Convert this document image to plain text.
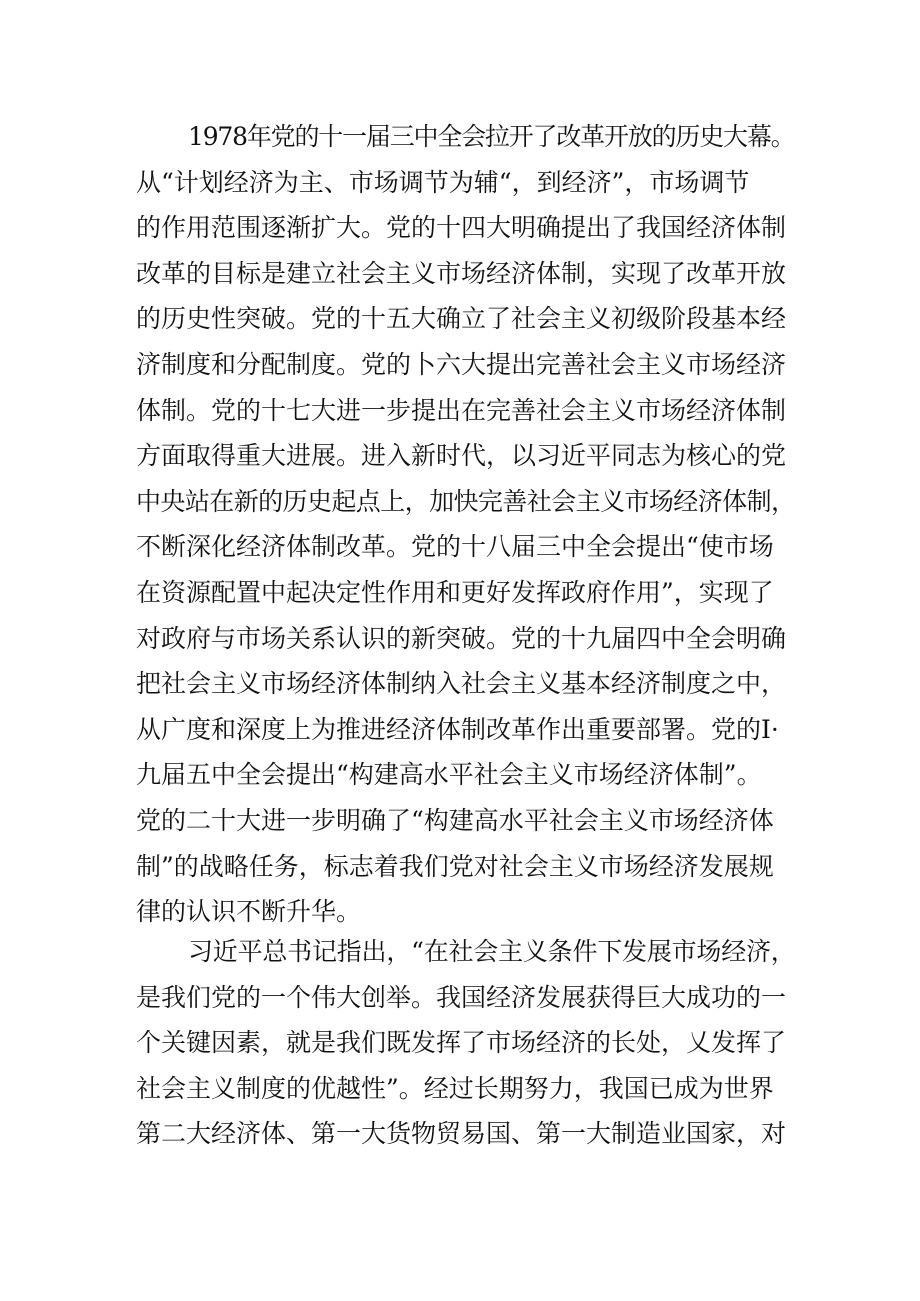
1978年党的十一届三中全会拉开了改革开放的历史大幕。
从“计划经济为主、市场调节为辅“，到经济”，市场调节
的作用范围逐渐扩大。党的十四大明确提出了我国经济体制
改革的目标是建立社会主义市场经济体制，实现了改革开放
的历史性突破。党的十五大确立了社会主义初级阶段基本经
济制度和分配制度。党的卜六大提出完善社会主义市场经济
体制。党的十七大进一步提出在完善社会主义市场经济体制
方面取得重大进展。进入新时代，以习近平同志为核心的党
中央站在新的历史起点上，加快完善社会主义市场经济体制，
不断深化经济体制改革。党的十八届三中全会提出“使市场
在资源配置中起决定性作用和更好发挥政府作用”，实现了
对政府与市场关系认识的新突破。党的十九届四中全会明确
把社会主义市场经济体制纳入社会主义基本经济制度之中，
从广度和深度上为推进经济体制改革作出重要部署。党的I·
九届五中全会提出“构建高水平社会主义市场经济体制”。
党的二十大进一步明确了“构建高水平社会主义市场经济体
制”的战略任务，标志着我们党对社会主义市场经济发展规
律的认识不断升华。
习近平总书记指出，“在社会主义条件下发展市场经济，
是我们党的一个伟大创举。我国经济发展获得巨大成功的一
个关键因素，就是我们既发挥了市场经济的长处，乂发挥了
社会主义制度的优越性”。经过长期努力，我国已成为世界
第二大经济体、第一大货物贸易国、第一大制造业国家，对
